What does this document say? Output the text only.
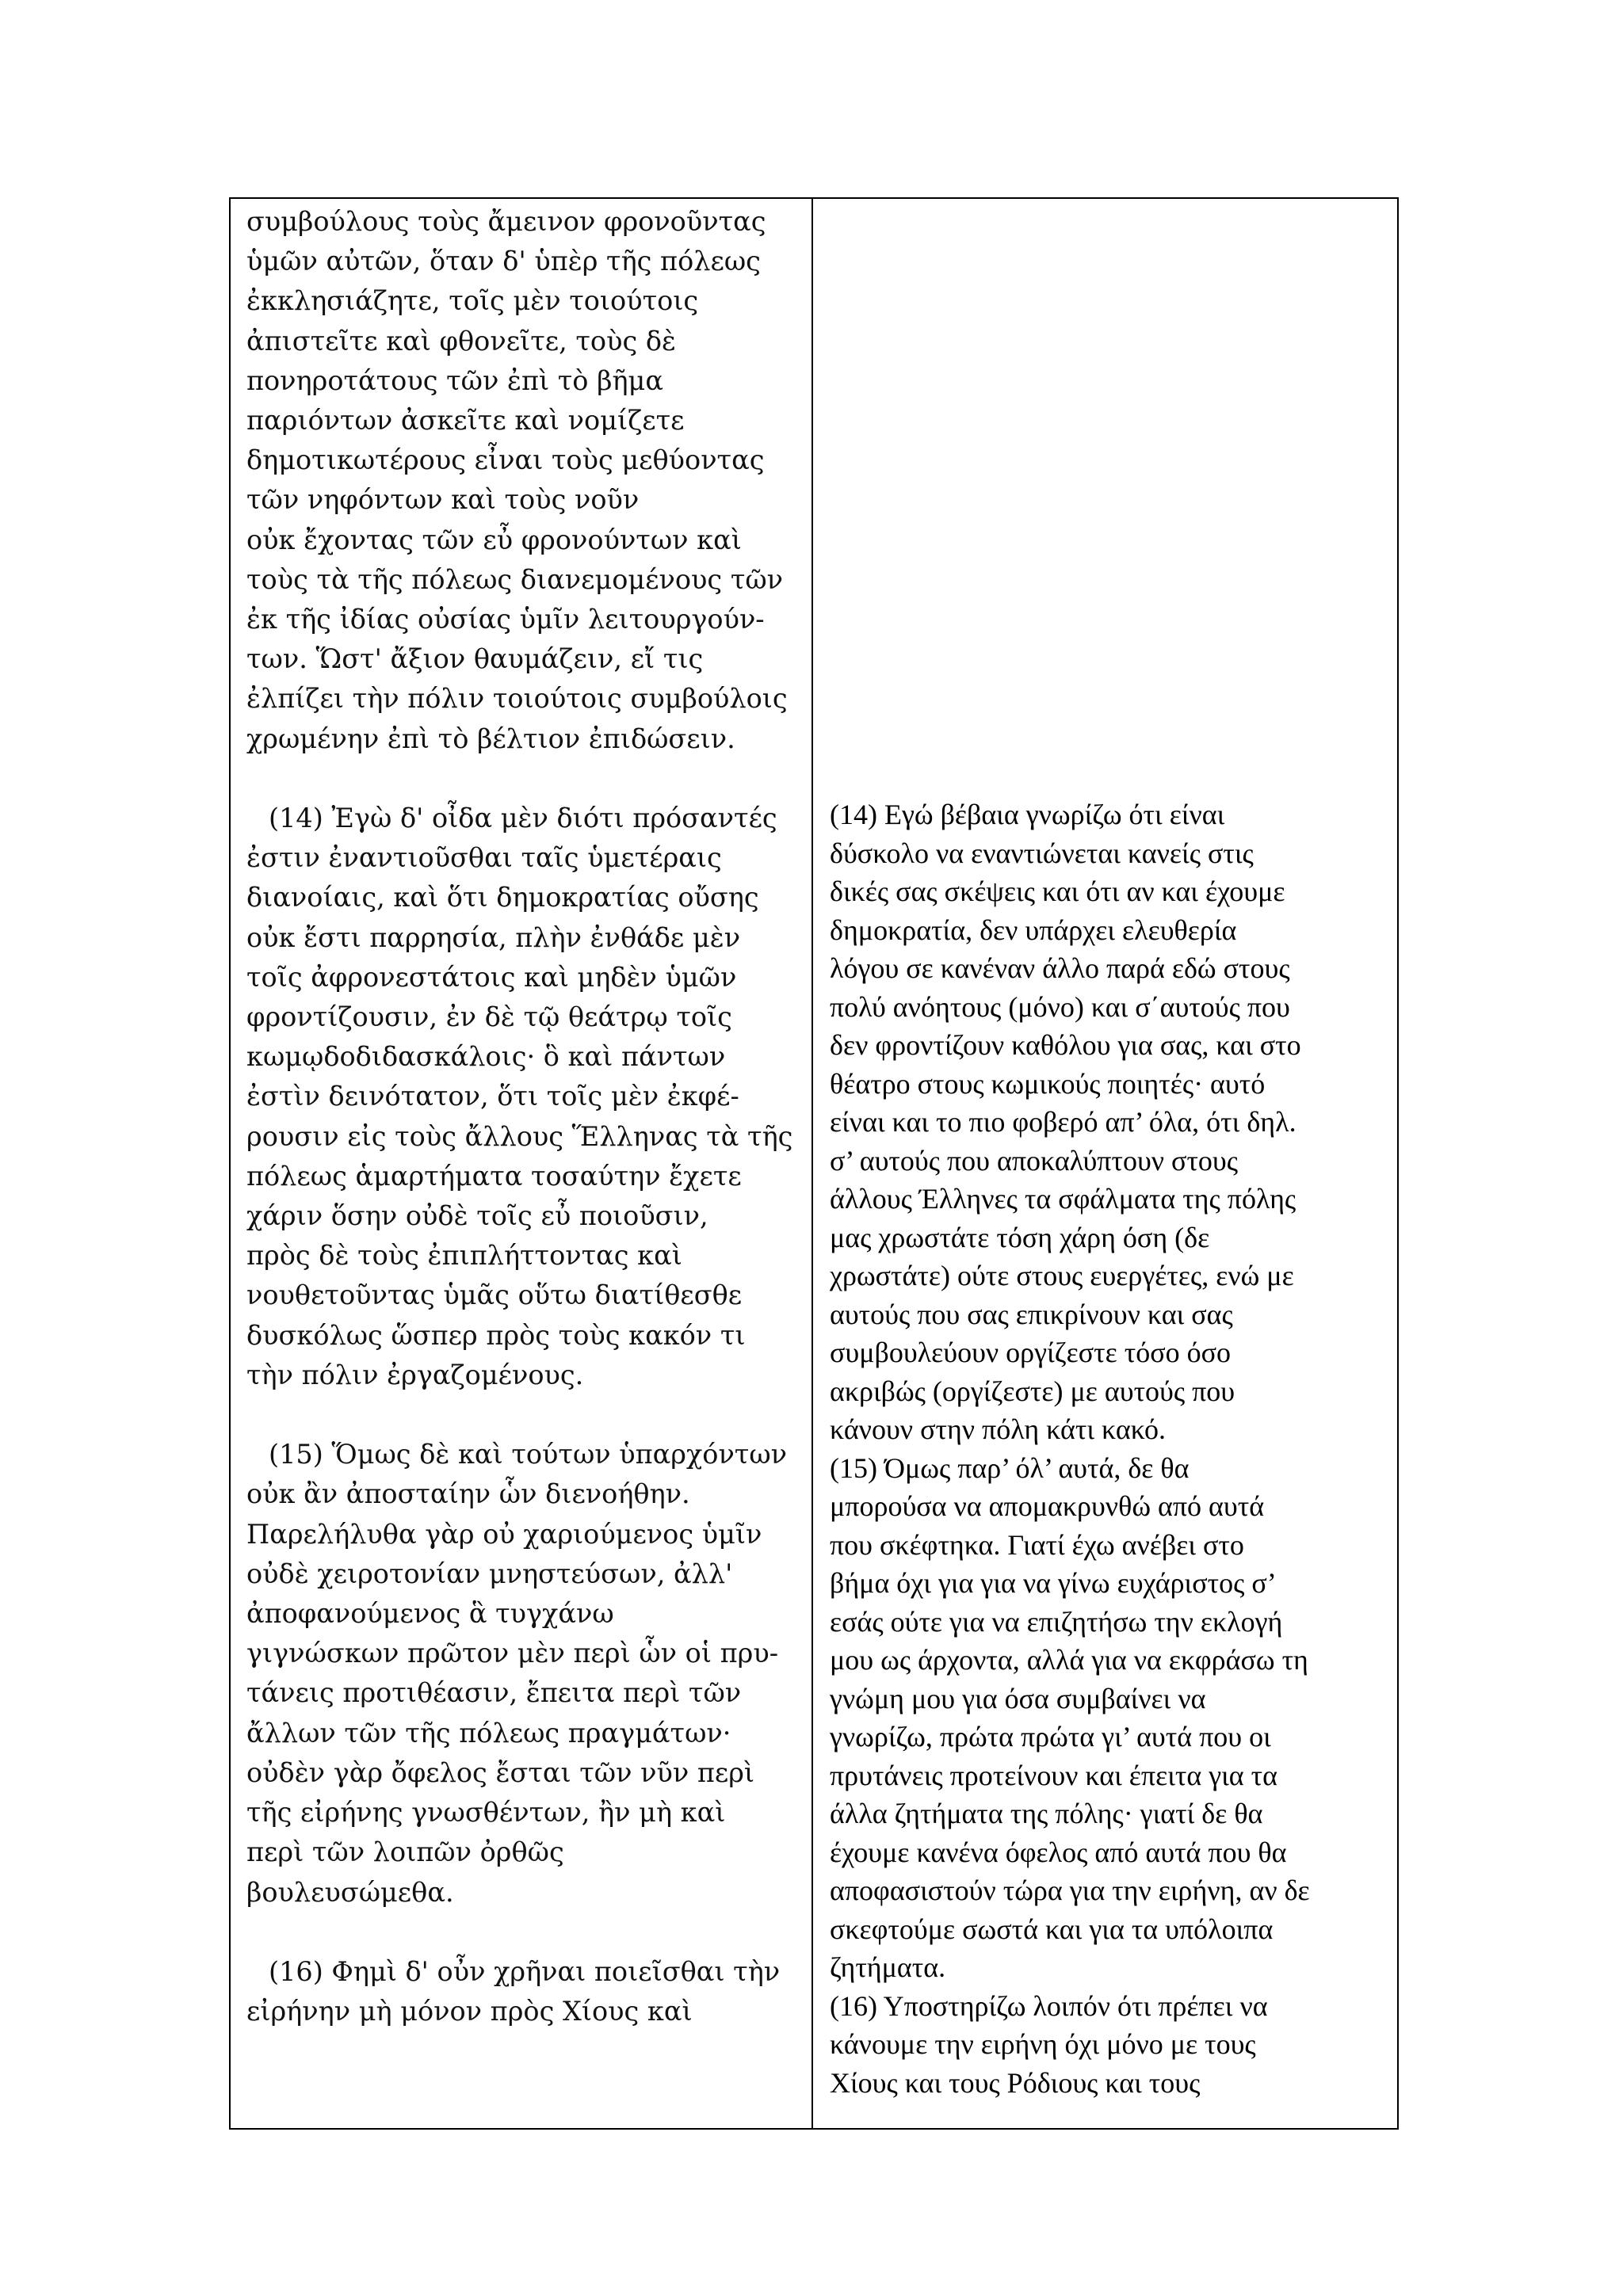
συμβούλους τοὺς ἄμεινον φρονοῦντας
ὑμῶν αὐτῶν, ὅταν δ' ὑπὲρ τῆς πόλεως
ἐκκλησιάζητε, τοῖς μὲν τοιούτοις
ἀπιστεῖτε καὶ φθονεῖτε, τοὺς δὲ
πονηροτάτους τῶν ἐπὶ τὸ βῆμα
παριόντων ἀσκεῖτε καὶ νομίζετε
δημοτικωτέρους εἶναι τοὺς μεθύοντας
τῶν νηφόντων καὶ τοὺς νοῦν
οὐκ ἔχοντας τῶν εὖ φρονούντων καὶ
τοὺς τὰ τῆς πόλεως διανεμομένους τῶν
ἐκ τῆς ἰδίας οὐσίας ὑμῖν λειτουργούν-
των. Ὥστ' ἄξιον θαυμάζειν, εἴ τις
ἐλπίζει τὴν πόλιν τοιούτοις συμβούλοις
χρωμένην ἐπὶ τὸ βέλτιον ἐπιδώσειν.
(14) Ἐγὼ δ' οἶδα μὲν διότι πρόσαντές
ἐστιν ἐναντιοῦσθαι ταῖς ὑμετέραις
διανοίαις, καὶ ὅτι δημοκρατίας οὔσης
οὐκ ἔστι παρρησία, πλὴν ἐνθάδε μὲν
τοῖς ἀφρονεστάτοις καὶ μηδὲν ὑμῶν
φροντίζουσιν, ἐν δὲ τῷ θεάτρῳ τοῖς
κωμῳδοδιδασκάλοις· ὃ καὶ πάντων
ἐστὶν δεινότατον, ὅτι τοῖς μὲν ἐκφέ-
ρουσιν εἰς τοὺς ἄλλους Ἕλληνας τὰ τῆς
πόλεως ἁμαρτήματα τοσαύτην ἔχετε
χάριν ὅσην οὐδὲ τοῖς εὖ ποιοῦσιν,
πρὸς δὲ τοὺς ἐπιπλήττοντας καὶ
νουθετοῦντας ὑμᾶς οὕτω διατίθεσθε
δυσκόλως ὥσπερ πρὸς τοὺς κακόν τι
τὴν πόλιν ἐργαζομένους.
(15) Ὅμως δὲ καὶ τούτων ὑπαρχόντων
οὐκ ἂν ἀποσταίην ὧν διενοήθην.
Παρελήλυθα γὰρ οὐ χαριούμενος ὑμῖν
οὐδὲ χειροτονίαν μνηστεύσων, ἀλλ'
ἀποφανούμενος ἃ τυγχάνω
γιγνώσκων πρῶτον μὲν περὶ ὧν οἱ πρυ-
τάνεις προτιθέασιν, ἔπειτα περὶ τῶν
ἄλλων τῶν τῆς πόλεως πραγμάτων·
οὐδὲν γὰρ ὄφελος ἔσται τῶν νῦν περὶ
τῆς εἰρήνης γνωσθέντων, ἢν μὴ καὶ
περὶ τῶν λοιπῶν ὀρθῶς
βουλευσώμεθα.
(16) Φημὶ δ' οὖν χρῆναι ποιεῖσθαι τὴν
εἰρήνην μὴ μόνον πρὸς Χίους καὶ
(14) Εγώ βέβαια γνωρίζω ότι είναι
δύσκολο να εναντιώνεται κανείς στις
δικές σας σκέψεις και ότι αν και έχουμε
δημοκρατία, δεν υπάρχει ελευθερία
λόγου σε κανέναν άλλο παρά εδώ στους
πολύ ανόητους (μόνο) και σ΄αυτούς που
δεν φροντίζουν καθόλου για σας, και στο
θέατρο στους κωμικούς ποιητές· αυτό
είναι και το πιο φοβερό απ’ όλα, ότι δηλ.
σ’ αυτούς που αποκαλύπτουν στους
άλλους Έλληνες τα σφάλματα της πόλης
μας χρωστάτε τόση χάρη όση (δε
χρωστάτε) ούτε στους ευεργέτες, ενώ με
αυτούς που σας επικρίνουν και σας
συμβουλεύουν οργίζεστε τόσο όσο
ακριβώς (οργίζεστε) με αυτούς που
κάνουν στην πόλη κάτι κακό.
(15) Όμως παρ’ όλ’ αυτά, δε θα
μπορούσα να απομακρυνθώ από αυτά
που σκέφτηκα. Γιατί έχω ανέβει στο
βήμα όχι για για να γίνω ευχάριστος σ’
εσάς ούτε για να επιζητήσω την εκλογή
μου ως άρχοντα, αλλά για να εκφράσω τη
γνώμη μου για όσα συμβαίνει να
γνωρίζω, πρώτα πρώτα γι’ αυτά που οι
πρυτάνεις προτείνουν και έπειτα για τα
άλλα ζητήματα της πόλης· γιατί δε θα
έχουμε κανένα όφελος από αυτά που θα
αποφασιστούν τώρα για την ειρήνη, αν δε
σκεφτούμε σωστά και για τα υπόλοιπα
ζητήματα.
(16) Υποστηρίζω λοιπόν ότι πρέπει να
κάνουμε την ειρήνη όχι μόνο με τους
Χίους και τους Ρόδιους και τους
